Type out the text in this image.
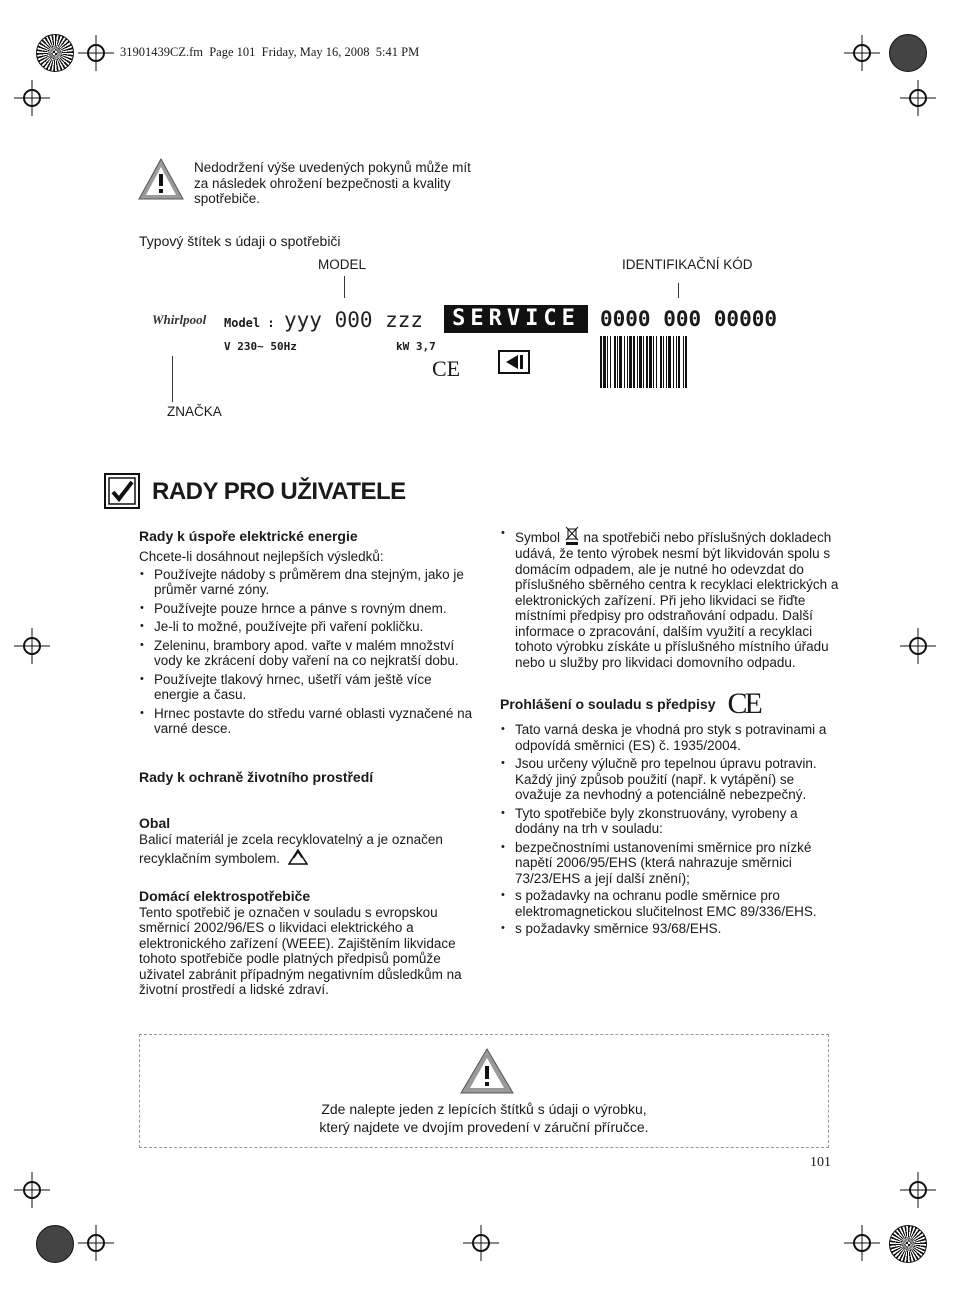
31901439CZ.fm  Page 101  Friday, May 16, 2008  5:41 PM
Nedodržení výše uvedených pokynů může mít za následek ohrožení bezpečnosti a kvality spotřebiče.
Typový štítek s údaji o spotřebiči
MODEL	IDENTIFIKAČNÍ KÓD
Whirlpool Model : yyy 000 zzz
V 230~ 50Hz	kW 3,7
CE
SERVICE 0000 000 00000
ZNAČKA
RADY PRO UŽIVATELE
Rady k úspoře elektrické energie
Chcete-li dosáhnout nejlepších výsledků:
• Používejte nádoby s průměrem dna stejným, jako je průměr varné zóny.
• Používejte pouze hrnce a pánve s rovným dnem.
• Je-li to možné, používejte při vaření pokličku.
• Zeleninu, brambory apod. vařte v malém množství vody ke zkrácení doby vaření na co nejkratší dobu.
• Používejte tlakový hrnec, ušetří vám ještě více energie a času.
• Hrnec postavte do středu varné oblasti vyznačené na varné desce.
Rady k ochraně životního prostředí
Obal
Balicí materiál je zcela recyklovatelný a je označen recyklačním symbolem.
Domácí elektrospotřebiče
Tento spotřebič je označen v souladu s evropskou směrnicí 2002/96/ES o likvidaci elektrického a elektronického zařízení (WEEE). Zajištěním likvidace tohoto spotřebiče podle platných předpisů pomůže uživatel zabránit případným negativním důsledkům na životní prostředí a lidské zdraví.
• Symbol na spotřebiči nebo příslušných dokladech udává, že tento výrobek nesmí být likvidován spolu s domácím odpadem, ale je nutné ho odevzdat do příslušného sběrného centra k recyklaci elektrických a elektronických zařízení. Při jeho likvidaci se řiďte místními předpisy pro odstraňování odpadu. Další informace o zpracování, dalším využití a recyklaci tohoto výrobku získáte u příslušného místního úřadu nebo u služby pro likvidaci domovního odpadu.
Prohlášení o souladu s předpisy CE
• Tato varná deska je vhodná pro styk s potravinami a odpovídá směrnici (ES) č. 1935/2004.
• Jsou určeny výlučně pro tepelnou úpravu potravin. Každý jiný způsob použití (např. k vytápění) se ovažuje za nevhodný a potenciálně nebezpečný.
• Tyto spotřebiče byly zkonstruovány, vyrobeny a dodány na trh v souladu:
• bezpečnostními ustanoveními směrnice pro nízké napětí 2006/95/EHS (která nahrazuje směrnici 73/23/EHS a její další znění);
• s požadavky na ochranu podle směrnice pro elektromagnetickou slučitelnost EMC 89/336/EHS.
• s požadavky směrnice 93/68/EHS.
Zde nalepte jeden z lepících štítků s údaji o výrobku,
který najdete ve dvojím provedení v záruční příručce.
101
